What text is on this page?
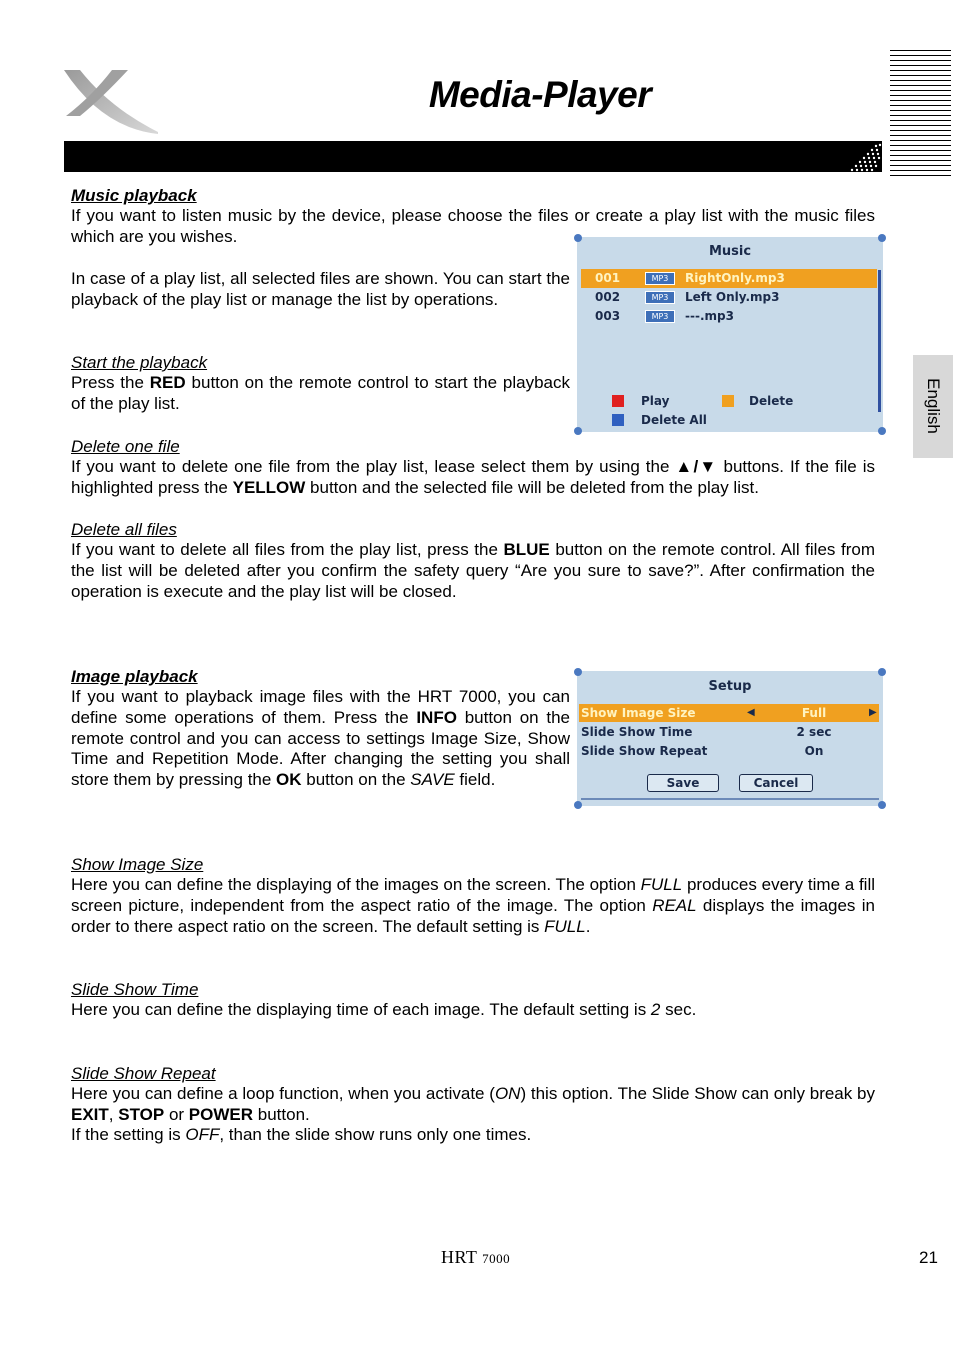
Media-Player
English
Music playback
If you want to listen music by the device, please choose the files or create a play list with the music files which are you wishes.
In case of a play list, all selected files are shown. You can start the playback of the play list or manage the list by operations.
Start the playback
Press the RED button on the remote control to start the playback of the play list.
Delete one file
If you want to delete one file from the play list, lease select them by using the ▲/▼ buttons. If the file is highlighted press the YELLOW button and the selected file will be deleted from the play list.
Delete all files
If you want to delete all files from the play list, press the BLUE button on the remote control. All files from the list will be deleted after you confirm the safety query “Are you sure to save?”. After confirmation the operation is execute and the play list will be closed.
Music
001	MP3	RightOnly.mp3
002	MP3	Left Only.mp3
003	MP3	---.mp3
Play	Delete
Delete All
Image playback
If you want to playback image files with the HRT 7000, you can define some operations of them. Press the INFO button on the remote control and you can access to settings Image Size, Show Time and Repetition Mode. After changing the setting you shall store them by pressing the OK button on the SAVE field.
Setup
Show Image Size	◀	Full	▶
Slide Show Time	2 sec
Slide Show Repeat	On
Save	Cancel
Show Image Size
Here you can define the displaying of the images on the screen. The option FULL produces every time a fill screen picture, independent from the aspect ratio of the image. The option REAL displays the images in order to there aspect ratio on the screen. The default setting is FULL.
Slide Show Time
Here you can define the displaying time of each image. The default setting is 2 sec.
Slide Show Repeat
Here you can define a loop function, when you activate (ON) this option. The Slide Show can only break by EXIT, STOP or POWER button.
If the setting is OFF, than the slide show runs only one times.
HRT 7000	21
